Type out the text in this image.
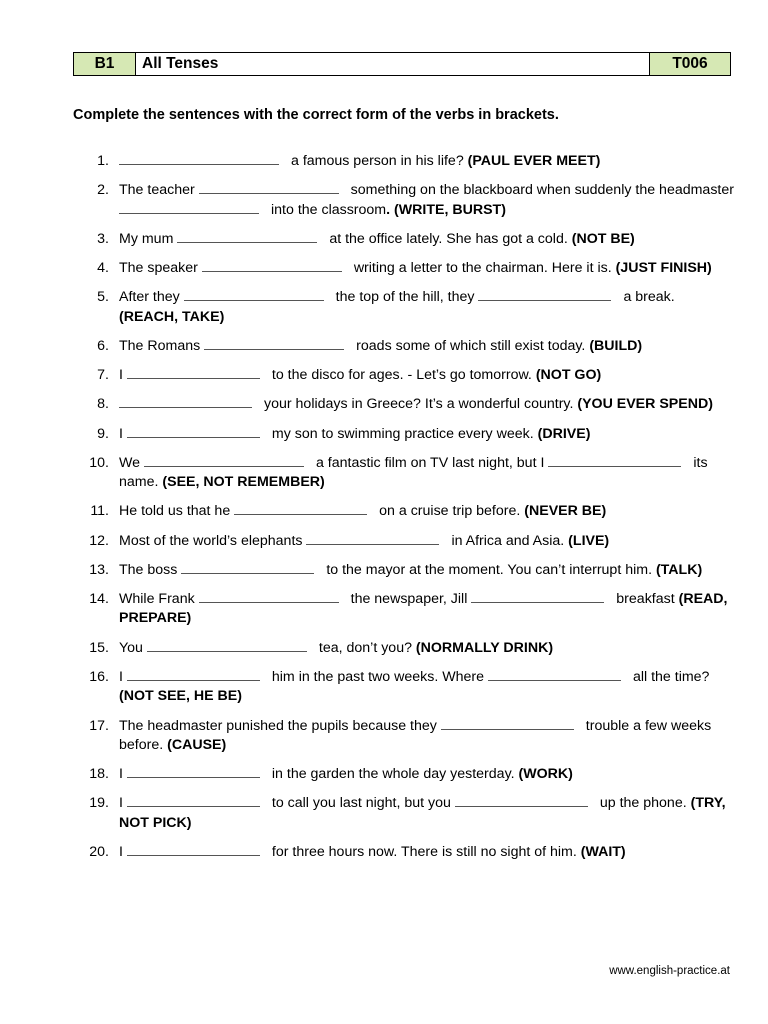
B1	All Tenses	T006
Complete the sentences with the correct form of the verbs in brackets.
1.	a famous person in his life? (PAUL EVER MEET)
2. The teacher	something on the blackboard when suddenly the headmaster into the classroom. (WRITE, BURST)
3. My mum	at the office lately. She has got a cold. (NOT BE)
4. The speaker	writing a letter to the chairman. Here it is. (JUST FINISH)
5. After they	the top of the hill, they	a break. (REACH, TAKE)
6. The Romans	roads some of which still exist today. (BUILD)
7. I	to the disco for ages. - Let’s go tomorrow. (NOT GO)
8.	your holidays in Greece? It’s a wonderful country. (YOU EVER SPEND)
9. I	my son to swimming practice every week. (DRIVE)
10. We	a fantastic film on TV last night, but I	its name. (SEE, NOT REMEMBER)
11. He told us that he	on a cruise trip before. (NEVER BE)
12. Most of the world’s elephants	in Africa and Asia. (LIVE)
13. The boss	to the mayor at the moment. You can’t interrupt him. (TALK)
14. While Frank	the newspaper, Jill	breakfast (READ, PREPARE)
15. You	tea, don’t you? (NORMALLY DRINK)
16. I	him in the past two weeks. Where	all the time? (NOT SEE, HE BE)
17. The headmaster punished the pupils because they	trouble a few weeks before. (CAUSE)
18. I	in the garden the whole day yesterday. (WORK)
19. I	to call you last night, but you	up the phone. (TRY, NOT PICK)
20. I	for three hours now. There is still no sight of him. (WAIT)
www.english-practice.at
